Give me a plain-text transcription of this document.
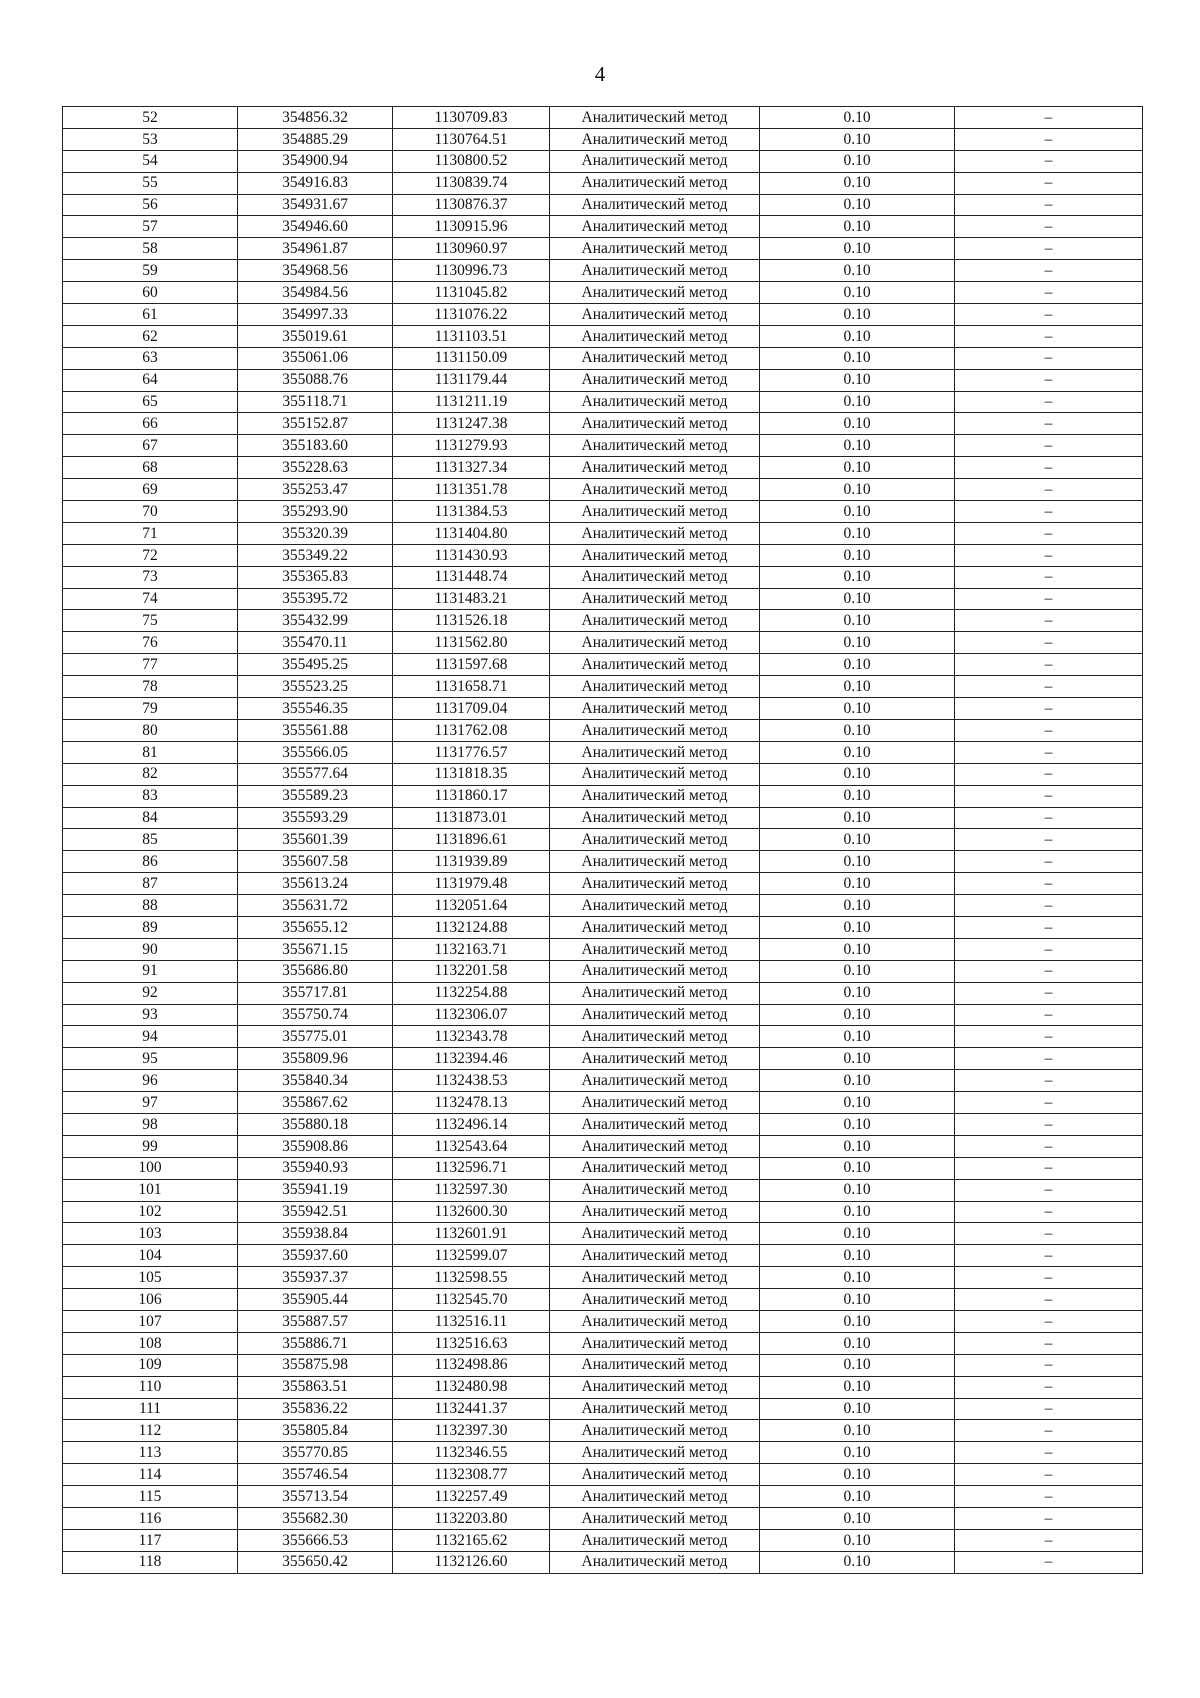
4
52	354856.32	1130709.83	Аналитический метод	0.10	–
53	354885.29	1130764.51	Аналитический метод	0.10	–
54	354900.94	1130800.52	Аналитический метод	0.10	–
55	354916.83	1130839.74	Аналитический метод	0.10	–
56	354931.67	1130876.37	Аналитический метод	0.10	–
57	354946.60	1130915.96	Аналитический метод	0.10	–
58	354961.87	1130960.97	Аналитический метод	0.10	–
59	354968.56	1130996.73	Аналитический метод	0.10	–
60	354984.56	1131045.82	Аналитический метод	0.10	–
61	354997.33	1131076.22	Аналитический метод	0.10	–
62	355019.61	1131103.51	Аналитический метод	0.10	–
63	355061.06	1131150.09	Аналитический метод	0.10	–
64	355088.76	1131179.44	Аналитический метод	0.10	–
65	355118.71	1131211.19	Аналитический метод	0.10	–
66	355152.87	1131247.38	Аналитический метод	0.10	–
67	355183.60	1131279.93	Аналитический метод	0.10	–
68	355228.63	1131327.34	Аналитический метод	0.10	–
69	355253.47	1131351.78	Аналитический метод	0.10	–
70	355293.90	1131384.53	Аналитический метод	0.10	–
71	355320.39	1131404.80	Аналитический метод	0.10	–
72	355349.22	1131430.93	Аналитический метод	0.10	–
73	355365.83	1131448.74	Аналитический метод	0.10	–
74	355395.72	1131483.21	Аналитический метод	0.10	–
75	355432.99	1131526.18	Аналитический метод	0.10	–
76	355470.11	1131562.80	Аналитический метод	0.10	–
77	355495.25	1131597.68	Аналитический метод	0.10	–
78	355523.25	1131658.71	Аналитический метод	0.10	–
79	355546.35	1131709.04	Аналитический метод	0.10	–
80	355561.88	1131762.08	Аналитический метод	0.10	–
81	355566.05	1131776.57	Аналитический метод	0.10	–
82	355577.64	1131818.35	Аналитический метод	0.10	–
83	355589.23	1131860.17	Аналитический метод	0.10	–
84	355593.29	1131873.01	Аналитический метод	0.10	–
85	355601.39	1131896.61	Аналитический метод	0.10	–
86	355607.58	1131939.89	Аналитический метод	0.10	–
87	355613.24	1131979.48	Аналитический метод	0.10	–
88	355631.72	1132051.64	Аналитический метод	0.10	–
89	355655.12	1132124.88	Аналитический метод	0.10	–
90	355671.15	1132163.71	Аналитический метод	0.10	–
91	355686.80	1132201.58	Аналитический метод	0.10	–
92	355717.81	1132254.88	Аналитический метод	0.10	–
93	355750.74	1132306.07	Аналитический метод	0.10	–
94	355775.01	1132343.78	Аналитический метод	0.10	–
95	355809.96	1132394.46	Аналитический метод	0.10	–
96	355840.34	1132438.53	Аналитический метод	0.10	–
97	355867.62	1132478.13	Аналитический метод	0.10	–
98	355880.18	1132496.14	Аналитический метод	0.10	–
99	355908.86	1132543.64	Аналитический метод	0.10	–
100	355940.93	1132596.71	Аналитический метод	0.10	–
101	355941.19	1132597.30	Аналитический метод	0.10	–
102	355942.51	1132600.30	Аналитический метод	0.10	–
103	355938.84	1132601.91	Аналитический метод	0.10	–
104	355937.60	1132599.07	Аналитический метод	0.10	–
105	355937.37	1132598.55	Аналитический метод	0.10	–
106	355905.44	1132545.70	Аналитический метод	0.10	–
107	355887.57	1132516.11	Аналитический метод	0.10	–
108	355886.71	1132516.63	Аналитический метод	0.10	–
109	355875.98	1132498.86	Аналитический метод	0.10	–
110	355863.51	1132480.98	Аналитический метод	0.10	–
111	355836.22	1132441.37	Аналитический метод	0.10	–
112	355805.84	1132397.30	Аналитический метод	0.10	–
113	355770.85	1132346.55	Аналитический метод	0.10	–
114	355746.54	1132308.77	Аналитический метод	0.10	–
115	355713.54	1132257.49	Аналитический метод	0.10	–
116	355682.30	1132203.80	Аналитический метод	0.10	–
117	355666.53	1132165.62	Аналитический метод	0.10	–
118	355650.42	1132126.60	Аналитический метод	0.10	–
